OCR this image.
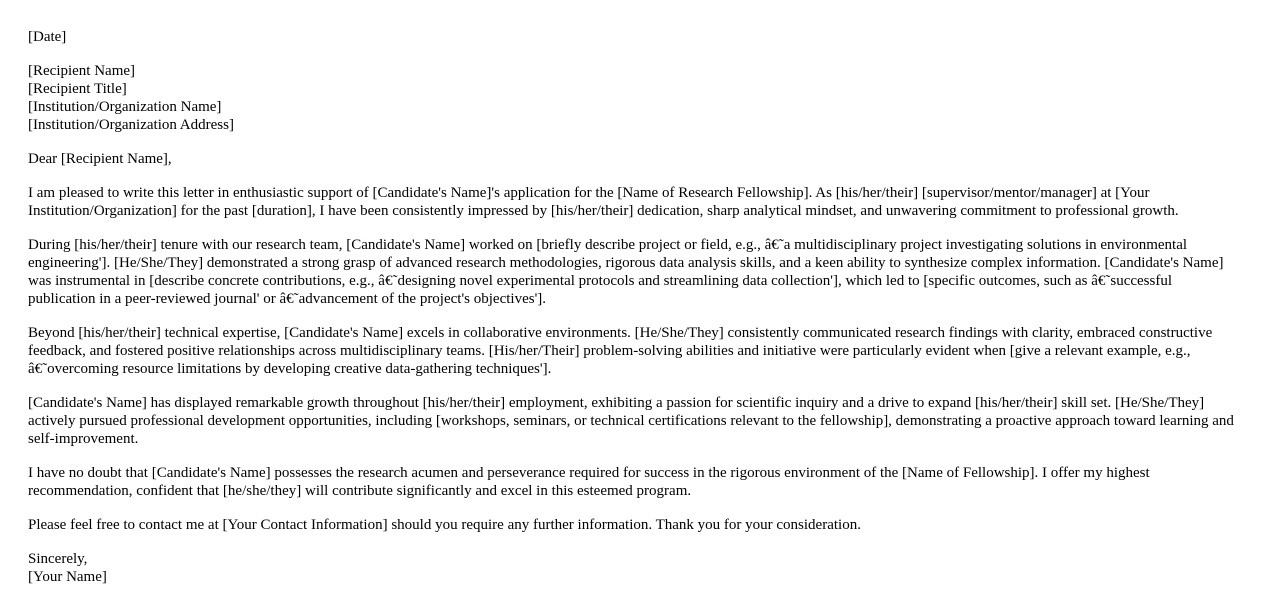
[Date]

[Recipient Name]
[Recipient Title]
[Institution/Organization Name]
[Institution/Organization Address]

Dear [Recipient Name],

I am pleased to write this letter in enthusiastic support of [Candidate's Name]'s application for the [Name of Research Fellowship]. As [his/her/their] [supervisor/mentor/manager] at [Your Institution/Organization] for the past [duration], I have been consistently impressed by [his/her/their] dedication, sharp analytical mindset, and unwavering commitment to professional growth.

During [his/her/their] tenure with our research team, [Candidate's Name] worked on [briefly describe project or field, e.g., â€˜a multidisciplinary project investigating solutions in environmental engineering']. [He/She/They] demonstrated a strong grasp of advanced research methodologies, rigorous data analysis skills, and a keen ability to synthesize complex information. [Candidate's Name] was instrumental in [describe concrete contributions, e.g., â€˜designing novel experimental protocols and streamlining data collection'], which led to [specific outcomes, such as â€˜successful publication in a peer-reviewed journal' or â€˜advancement of the project's objectives'].

Beyond [his/her/their] technical expertise, [Candidate's Name] excels in collaborative environments. [He/She/They] consistently communicated research findings with clarity, embraced constructive feedback, and fostered positive relationships across multidisciplinary teams. [His/her/Their] problem-solving abilities and initiative were particularly evident when [give a relevant example, e.g., â€˜overcoming resource limitations by developing creative data-gathering techniques'].

[Candidate's Name] has displayed remarkable growth throughout [his/her/their] employment, exhibiting a passion for scientific inquiry and a drive to expand [his/her/their] skill set. [He/She/They] actively pursued professional development opportunities, including [workshops, seminars, or technical certifications relevant to the fellowship], demonstrating a proactive approach toward learning and self-improvement.

I have no doubt that [Candidate's Name] possesses the research acumen and perseverance required for success in the rigorous environment of the [Name of Fellowship]. I offer my highest recommendation, confident that [he/she/they] will contribute significantly and excel in this esteemed program.

Please feel free to contact me at [Your Contact Information] should you require any further information. Thank you for your consideration.

Sincerely,
[Your Name]
